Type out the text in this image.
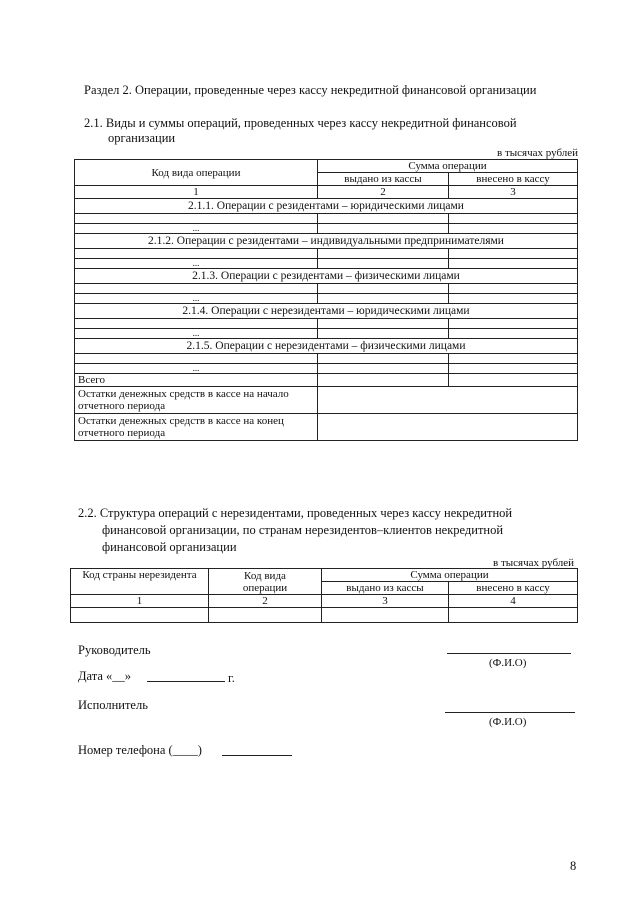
Раздел 2. Операции, проведенные через кассу некредитной финансовой организации
2.1. Виды и суммы операций, проведенных через кассу некредитной финансовой
организации
в тысячах рублей
Код вида операции	Сумма операции	
	выдано из кассы	внесено в кассу
1	2	3
2.1.1. Операции с резидентами – юридическими лицами		

...		
2.1.2. Операции с резидентами – индивидуальными предпринимателями		

...		
2.1.3. Операции с резидентами – физическими лицами		

...		
2.1.4. Операции с нерезидентами – юридическими лицами		

...		
2.1.5. Операции с нерезидентами – физическими лицами		

...		
Всего		

Остатки денежных средств в кассе на начало
отчетного периода		

Остатки денежных средств в кассе на конец
отчетного периода		

2.2. Структура операций с нерезидентами, проведенных через кассу некредитной
финансовой организации, по странам нерезидентов–клиентов некредитной
финансовой организации
в тысячах рублей
Код страны нерезидента	Код вида
операции	Сумма операции	
		выдано из кассы	внесено в кассу
1	2	3	4

Руководитель
(Ф.И.О)
Дата «__»	г.
Исполнитель
(Ф.И.О)
Номер телефона (____)
8
